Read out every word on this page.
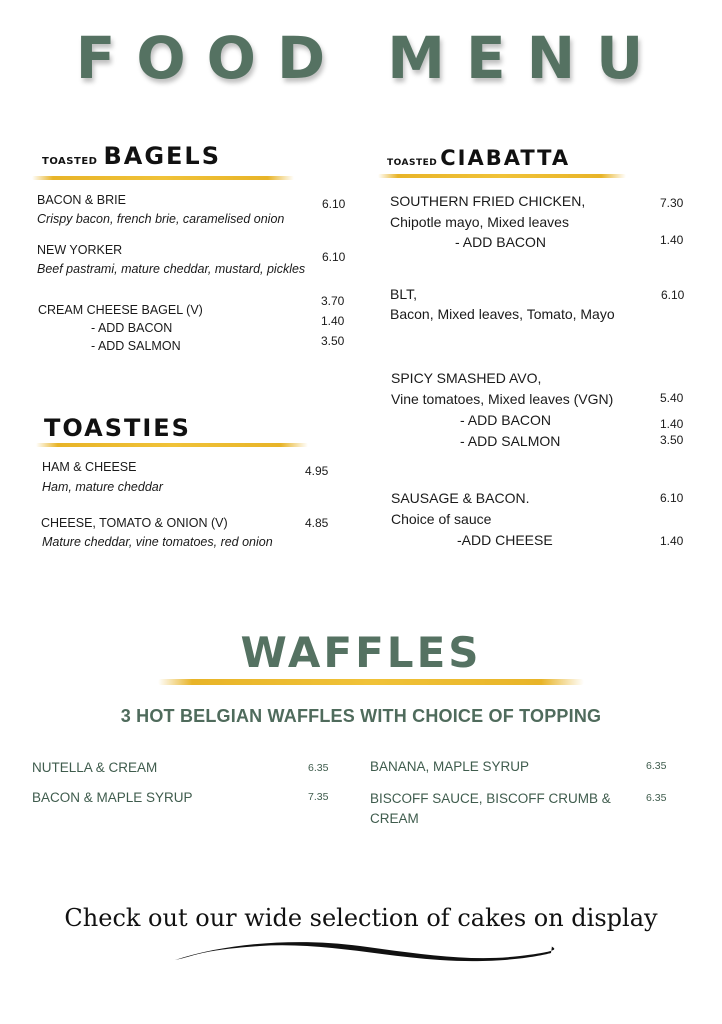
FOOD MENU
TOASTED BAGELS
BACON & BRIE
Crispy bacon, french brie, caramelised onion
6.10
NEW YORKER
Beef pastrami, mature cheddar, mustard, pickles
6.10
CREAM CHEESE BAGEL (V)
3.70
- ADD BACON	1.40
- ADD SALMON	3.50
TOASTIES
HAM & CHEESE
Ham, mature cheddar
4.95
CHEESE, TOMATO & ONION (V)
Mature cheddar, vine tomatoes, red onion
4.85
TOASTED CIABATTA
SOUTHERN FRIED CHICKEN,
Chipotle mayo, Mixed leaves
7.30
- ADD BACON	1.40
BLT,
Bacon, Mixed leaves, Tomato, Mayo
6.10
SPICY SMASHED AVO,
Vine tomatoes, Mixed leaves (VGN)	5.40
- ADD BACON	1.40
- ADD SALMON	3.50
SAUSAGE & BACON.
Choice of sauce
6.10
-ADD CHEESE	1.40
WAFFLES
3 HOT BELGIAN WAFFLES WITH CHOICE OF TOPPING
NUTELLA & CREAM	6.35
BACON & MAPLE SYRUP	7.35
BANANA, MAPLE SYRUP	6.35
BISCOFF SAUCE, BISCOFF CRUMB &
CREAM
6.35
Check out our wide selection of cakes on display
